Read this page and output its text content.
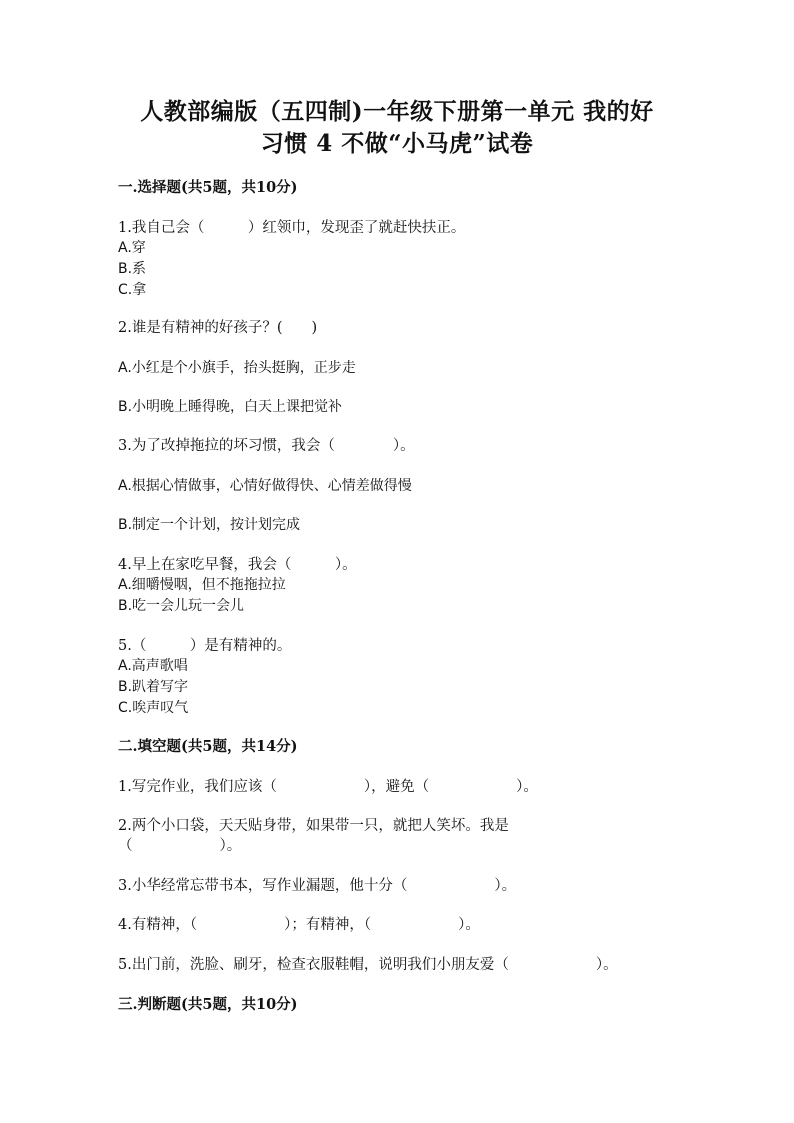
人教部编版（五四制)一年级下册第一单元 我的好
习惯 4 不做“小马虎”试卷
一.选择题(共5题，共10分)
1.我自己会（　　　）红领巾，发现歪了就赶快扶正。
A.穿
B.系
C.拿
2.谁是有精神的好孩子？(　　)
A.小红是个小旗手，抬头挺胸，正步走
B.小明晚上睡得晚，白天上课把觉补
3.为了改掉拖拉的坏习惯，我会（　　　　）。
A.根据心情做事，心情好做得快、心情差做得慢
B.制定一个计划，按计划完成
4.早上在家吃早餐，我会（　　　）。
A.细嚼慢咽，但不拖拖拉拉
B.吃一会儿玩一会儿
5.（　　　）是有精神的。
A.高声歌唱
B.趴着写字
C.唉声叹气
二.填空题(共5题，共14分)
1.写完作业，我们应该（　　　　　　），避免（　　　　　　）。
2.两个小口袋，天天贴身带，如果带一只，就把人笑坏。我是
（　　　　　　）。
3.小华经常忘带书本，写作业漏题，他十分（　　　　　　）。
4.有精神，（　　　　　　）；有精神，（　　　　　　）。
5.出门前，洗脸、刷牙，检查衣服鞋帽，说明我们小朋友爱（　　　　　　）。
三.判断题(共5题，共10分)
